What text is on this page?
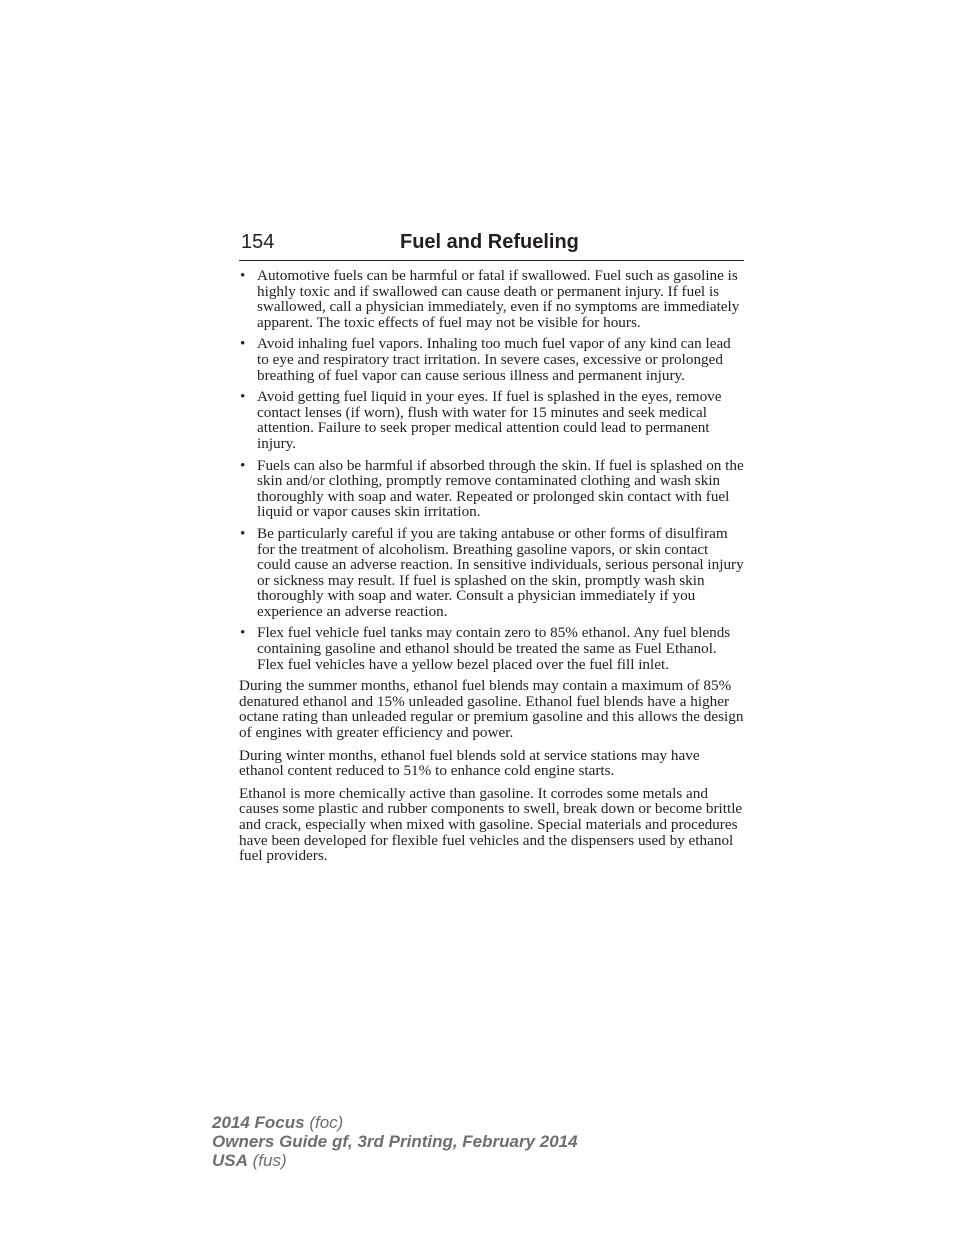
154	Fuel and Refueling
• Automotive fuels can be harmful or fatal if swallowed. Fuel such as gasoline is highly toxic and if swallowed can cause death or permanent injury. If fuel is swallowed, call a physician immediately, even if no symptoms are immediately apparent. The toxic effects of fuel may not be visible for hours.
• Avoid inhaling fuel vapors. Inhaling too much fuel vapor of any kind can lead to eye and respiratory tract irritation. In severe cases, excessive or prolonged breathing of fuel vapor can cause serious illness and permanent injury.
• Avoid getting fuel liquid in your eyes. If fuel is splashed in the eyes, remove contact lenses (if worn), flush with water for 15 minutes and seek medical attention. Failure to seek proper medical attention could lead to permanent injury.
• Fuels can also be harmful if absorbed through the skin. If fuel is splashed on the skin and/or clothing, promptly remove contaminated clothing and wash skin thoroughly with soap and water. Repeated or prolonged skin contact with fuel liquid or vapor causes skin irritation.
• Be particularly careful if you are taking antabuse or other forms of disulfiram for the treatment of alcoholism. Breathing gasoline vapors, or skin contact could cause an adverse reaction. In sensitive individuals, serious personal injury or sickness may result. If fuel is splashed on the skin, promptly wash skin thoroughly with soap and water. Consult a physician immediately if you experience an adverse reaction.
• Flex fuel vehicle fuel tanks may contain zero to 85% ethanol. Any fuel blends containing gasoline and ethanol should be treated the same as Fuel Ethanol. Flex fuel vehicles have a yellow bezel placed over the fuel fill inlet.

During the summer months, ethanol fuel blends may contain a maximum of 85% denatured ethanol and 15% unleaded gasoline. Ethanol fuel blends have a higher octane rating than unleaded regular or premium gasoline and this allows the design of engines with greater efficiency and power.

During winter months, ethanol fuel blends sold at service stations may have ethanol content reduced to 51% to enhance cold engine starts.

Ethanol is more chemically active than gasoline. It corrodes some metals and causes some plastic and rubber components to swell, break down or become brittle and crack, especially when mixed with gasoline. Special materials and procedures have been developed for flexible fuel vehicles and the dispensers used by ethanol fuel providers.

2014 Focus (foc)
Owners Guide gf, 3rd Printing, February 2014
USA (fus)
